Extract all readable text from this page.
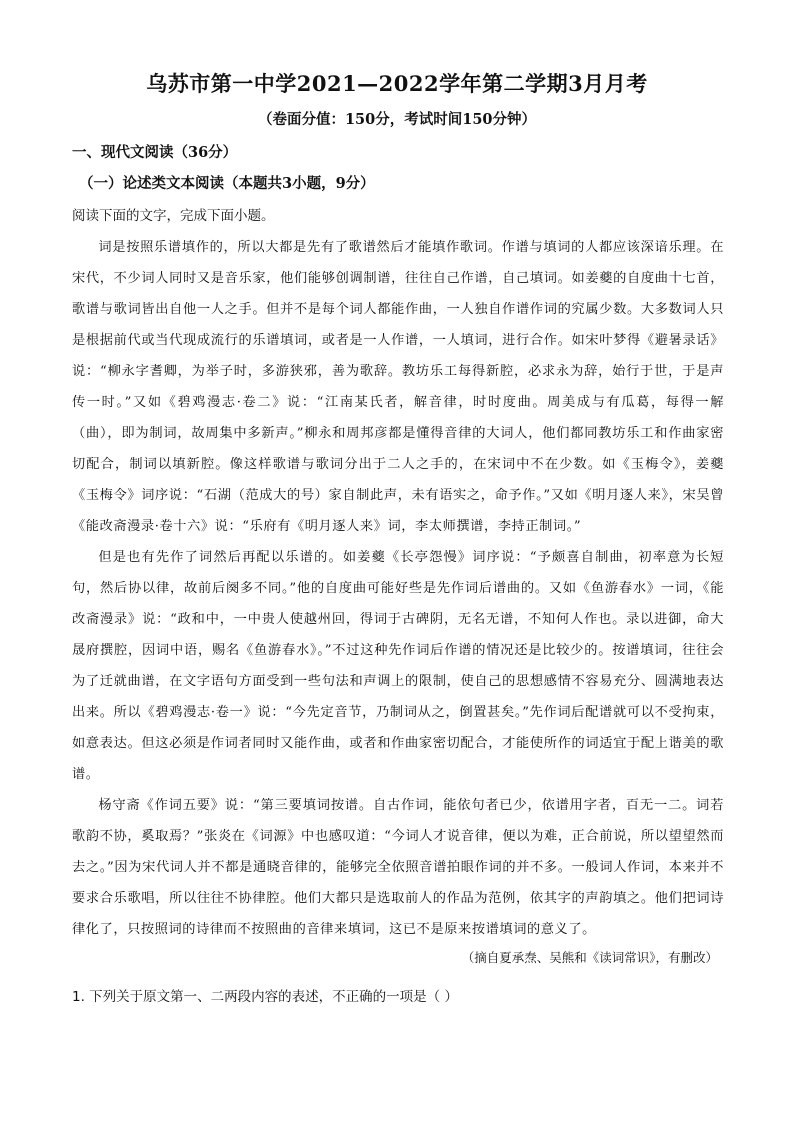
乌苏市第一中学2021—2022学年第二学期3月月考
（卷面分值：150分，考试时间150分钟）
一、现代文阅读（36分）
（一）论述类文本阅读（本题共3小题，9分）
阅读下面的文字，完成下面小题。

词是按照乐谱填作的，所以大都是先有了歌谱然后才能填作歌词。作谱与填词的人都应该深谙乐理。在宋代，不少词人同时又是音乐家，他们能够创调制谱，往往自己作谱，自己填词。如姜夔的自度曲十七首，歌谱与歌词皆出自他一人之手。但并不是每个词人都能作曲，一人独自作谱作词的究属少数。大多数词人只是根据前代或当代现成流行的乐谱填词，或者是一人作谱，一人填词，进行合作。如宋叶梦得《避暑录话》说：“柳永字耆卿，为举子时，多游狭邪，善为歌辞。教坊乐工每得新腔，必求永为辞，始行于世，于是声传一时。”又如《碧鸡漫志·卷二》说：“江南某氏者，解音律，时时度曲。周美成与有瓜葛，每得一解（曲），即为制词，故周集中多新声。”柳永和周邦彦都是懂得音律的大词人，他们都同教坊乐工和作曲家密切配合，制词以填新腔。像这样歌谱与歌词分出于二人之手的，在宋词中不在少数。如《玉梅令》，姜夔《玉梅令》词序说：“石湖（范成大的号）家自制此声，未有语实之，命予作。”又如《明月逐人来》，宋吴曾《能改斋漫录·卷十六》说：“乐府有《明月逐人来》词，李太师撰谱，李持正制词。”

但是也有先作了词然后再配以乐谱的。如姜夔《长亭怨慢》词序说：“予颇喜自制曲，初率意为长短句，然后协以律，故前后阕多不同。”他的自度曲可能好些是先作词后谱曲的。又如《鱼游春水》一词，《能改斋漫录》说：“政和中，一中贵人使越州回，得词于古碑阴，无名无谱，不知何人作也。录以进御，命大晟府撰腔，因词中语，赐名《鱼游春水》。”不过这种先作词后作谱的情况还是比较少的。按谱填词，往往会为了迁就曲谱，在文字语句方面受到一些句法和声调上的限制，使自己的思想感情不容易充分、圆满地表达出来。所以《碧鸡漫志·卷一》说：“今先定音节，乃制词从之，倒置甚矣。”先作词后配谱就可以不受拘束，如意表达。但这必须是作词者同时又能作曲，或者和作曲家密切配合，才能使所作的词适宜于配上谐美的歌谱。

杨守斋《作词五要》说：“第三要填词按谱。自古作词，能依句者已少，依谱用字者，百无一二。词若歌韵不协，奚取焉？”张炎在《词源》中也感叹道：“今词人才说音律，便以为难，正合前说，所以望望然而去之。”因为宋代词人并不都是通晓音律的，能够完全依照音谱拍眼作词的并不多。一般词人作词，本来并不要求合乐歌唱，所以往往不协律腔。他们大都只是选取前人的作品为范例，依其字的声韵填之。他们把词诗律化了，只按照词的诗律而不按照曲的音律来填词，这已不是原来按谱填词的意义了。

（摘自夏承焘、吴熊和《读词常识》，有删改）
1. 下列关于原文第一、二两段内容的表述，不正确的一项是（ ）
